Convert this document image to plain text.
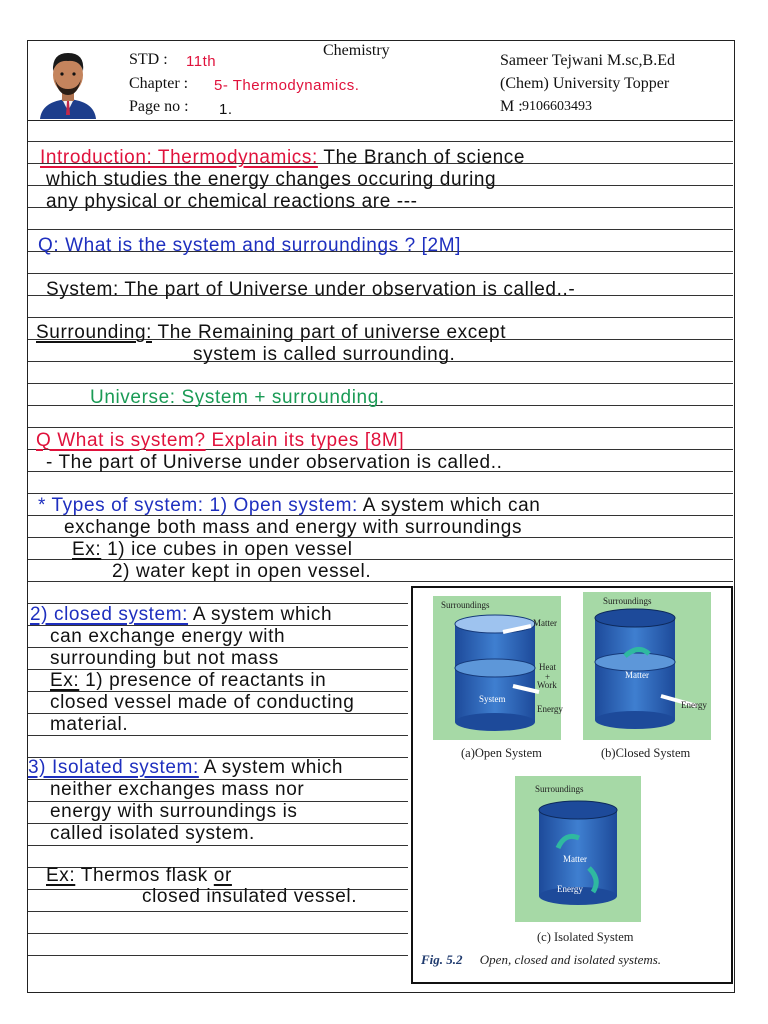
STD : 11th
Chemistry
Chapter : 5- Thermodynamics.
Page no : 1.
Sameer Tejwani M.sc,B.Ed
(Chem) University Topper
M : 9106603493
Introduction: Thermodynamics: The Branch of science
which studies the energy changes occuring during
any physical or chemical reactions are ---
Q: What is the system and surroundings ? [2M]
System: The part of Universe under observation is called..-
Surrounding: The Remaining part of universe except
system is called surrounding.
Universe: System + surrounding.
Q What is system? Explain its types [8M]
- The part of Universe under observation is called..
* Types of system: 1) Open system: A system which can
exchange both mass and energy with surroundings
Ex: 1) ice cubes in open vessel
2) water kept in open vessel.
2) closed system: A system which
can exchange energy with
surrounding but not mass
Ex: 1) presence of reactants in
closed vessel made of conducting
material.
3) Isolated system: A system which
neither exchanges mass nor
energy with surroundings is
called isolated system.
Ex: Thermos flask or
closed insulated vessel.
Surroundings
Matter
Heat
+
Work
System
Energy
(a)Open System
Surroundings
Matter
Energy
(b)Closed System
Surroundings
Matter
Energy
(c) Isolated System
Fig. 5.2 Open, closed and isolated systems.
